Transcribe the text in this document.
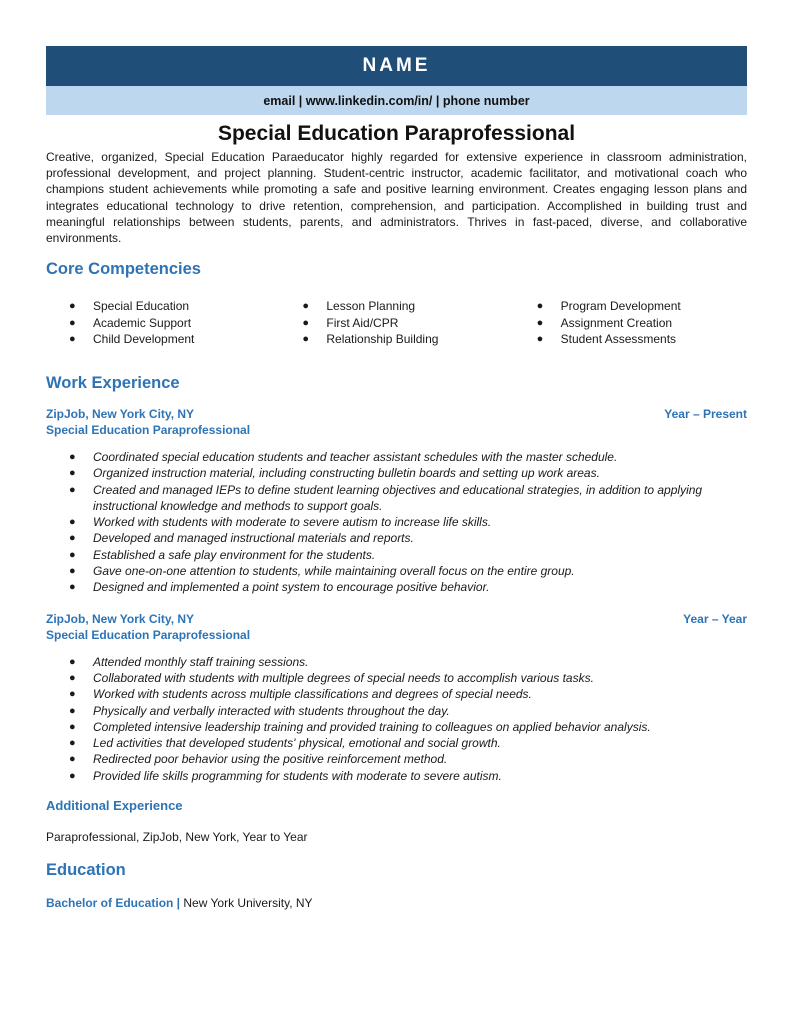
NAME
email | www.linkedin.com/in/ | phone number
Special Education Paraprofessional
Creative, organized, Special Education Paraeducator highly regarded for extensive experience in classroom administration, professional development, and project planning. Student-centric instructor, academic facilitator, and motivational coach who champions student achievements while promoting a safe and positive learning environment. Creates engaging lesson plans and integrates educational technology to drive retention, comprehension, and participation. Accomplished in building trust and meaningful relationships between students, parents, and administrators. Thrives in fast-paced, diverse, and collaborative environments.
Core Competencies
●	Special Education
●	Academic Support
●	Child Development
●	Lesson Planning
●	First Aid/CPR
●	Relationship Building
●	Program Development
●	Assignment Creation
●	Student Assessments
Work Experience
ZipJob, New York City, NY	Year – Present
Special Education Paraprofessional
●	Coordinated special education students and teacher assistant schedules with the master schedule.
●	Organized instruction material, including constructing bulletin boards and setting up work areas.
●	Created and managed IEPs to define student learning objectives and educational strategies, in addition to applying instructional knowledge and methods to support goals.
●	Worked with students with moderate to severe autism to increase life skills.
●	Developed and managed instructional materials and reports.
●	Established a safe play environment for the students.
●	Gave one-on-one attention to students, while maintaining overall focus on the entire group.
●	Designed and implemented a point system to encourage positive behavior.
ZipJob, New York City, NY	Year – Year
Special Education Paraprofessional
●	Attended monthly staff training sessions.
●	Collaborated with students with multiple degrees of special needs to accomplish various tasks.
●	Worked with students across multiple classifications and degrees of special needs.
●	Physically and verbally interacted with students throughout the day.
●	Completed intensive leadership training and provided training to colleagues on applied behavior analysis.
●	Led activities that developed students' physical, emotional and social growth.
●	Redirected poor behavior using the positive reinforcement method.
●	Provided life skills programming for students with moderate to severe autism.
Additional Experience
Paraprofessional, ZipJob, New York, Year to Year
Education
Bachelor of Education | New York University, NY
